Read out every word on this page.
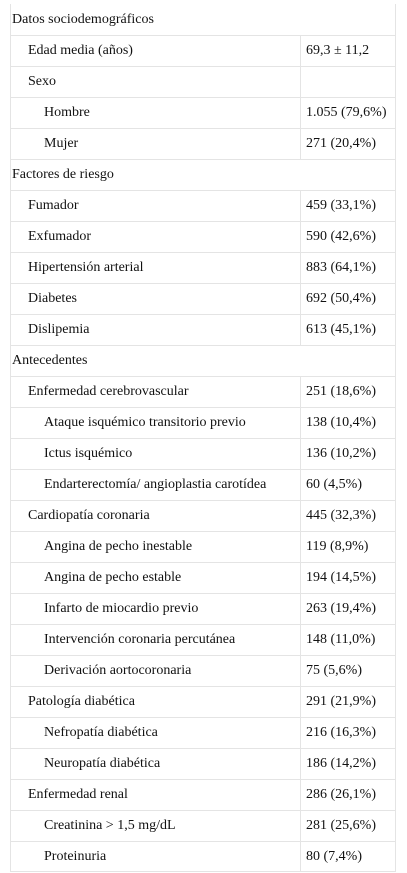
Datos sociodemográficos
Edad media (años)	69,3 ± 11,2
Sexo
Hombre	1.055 (79,6%)
Mujer	271 (20,4%)
Factores de riesgo
Fumador	459 (33,1%)
Exfumador	590 (42,6%)
Hipertensión arterial	883 (64,1%)
Diabetes	692 (50,4%)
Dislipemia	613 (45,1%)
Antecedentes
Enfermedad cerebrovascular	251 (18,6%)
Ataque isquémico transitorio previo	138 (10,4%)
Ictus isquémico	136 (10,2%)
Endarterectomía/ angioplastia carotídea	60 (4,5%)
Cardiopatía coronaria	445 (32,3%)
Angina de pecho inestable	119 (8,9%)
Angina de pecho estable	194 (14,5%)
Infarto de miocardio previo	263 (19,4%)
Intervención coronaria percutánea	148 (11,0%)
Derivación aortocoronaria	75 (5,6%)
Patología diabética	291 (21,9%)
Nefropatía diabética	216 (16,3%)
Neuropatía diabética	186 (14,2%)
Enfermedad renal	286 (26,1%)
Creatinina > 1,5 mg/dL	281 (25,6%)
Proteinuria	80 (7,4%)
